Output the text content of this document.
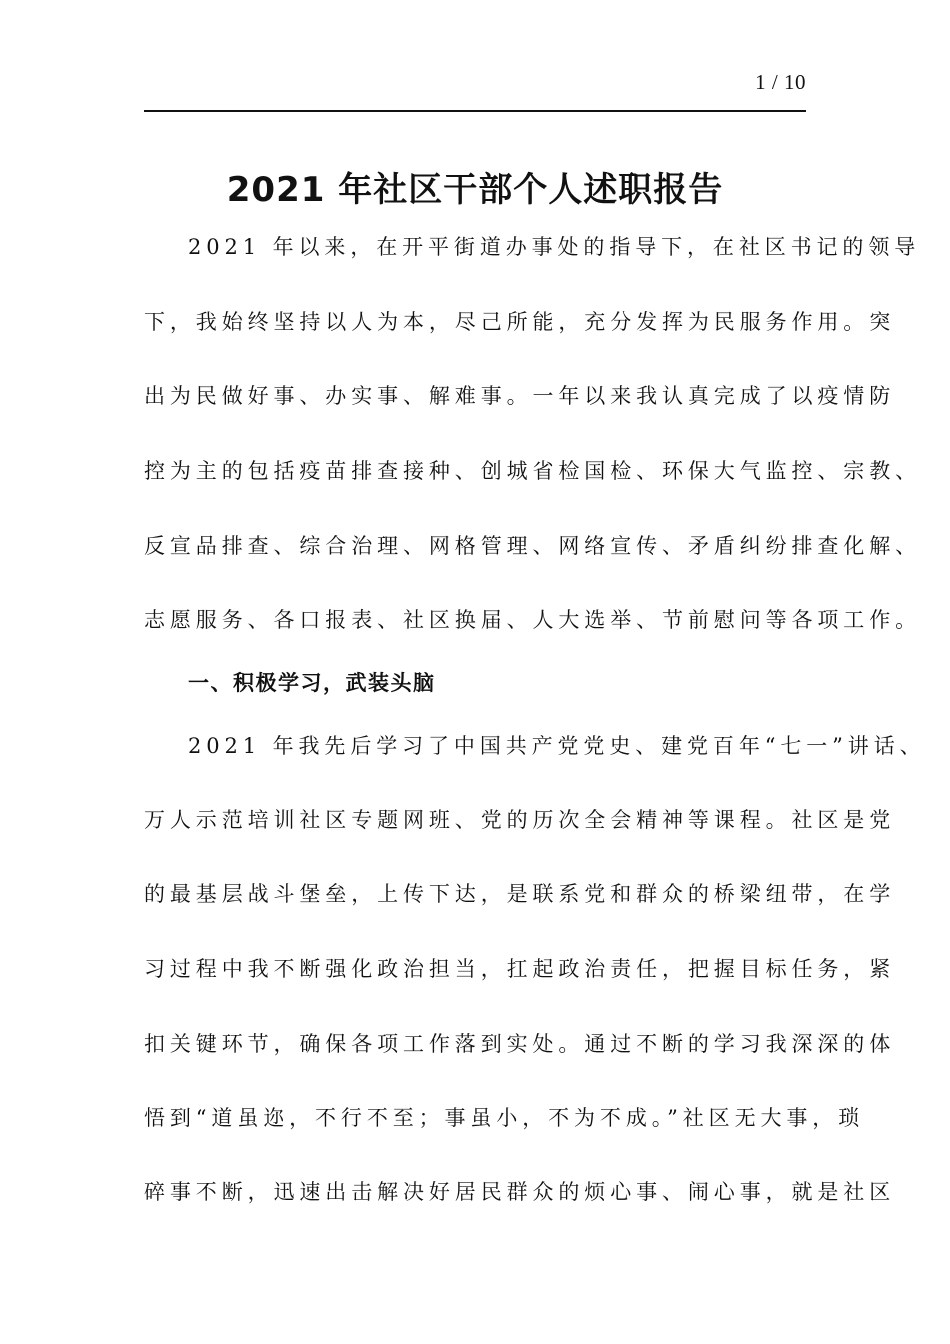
1 / 10
2021 年社区干部个人述职报告
2021 年以来，在开平街道办事处的指导下，在社区书记的领导
下，我始终坚持以人为本，尽己所能，充分发挥为民服务作用。突
出为民做好事、办实事、解难事。一年以来我认真完成了以疫情防
控为主的包括疫苗排查接种、创城省检国检、环保大气监控、宗教、
反宣品排查、综合治理、网格管理、网络宣传、矛盾纠纷排查化解、
志愿服务、各口报表、社区换届、人大选举、节前慰问等各项工作。
一、积极学习，武装头脑
2021 年我先后学习了中国共产党党史、建党百年“七一”讲话、
万人示范培训社区专题网班、党的历次全会精神等课程。社区是党
的最基层战斗堡垒，上传下达，是联系党和群众的桥梁纽带，在学
习过程中我不断强化政治担当，扛起政治责任，把握目标任务，紧
扣关键环节，确保各项工作落到实处。通过不断的学习我深深的体
悟到“道虽迩，不行不至；事虽小，不为不成。”社区无大事，琐
碎事不断，迅速出击解决好居民群众的烦心事、闹心事，就是社区
